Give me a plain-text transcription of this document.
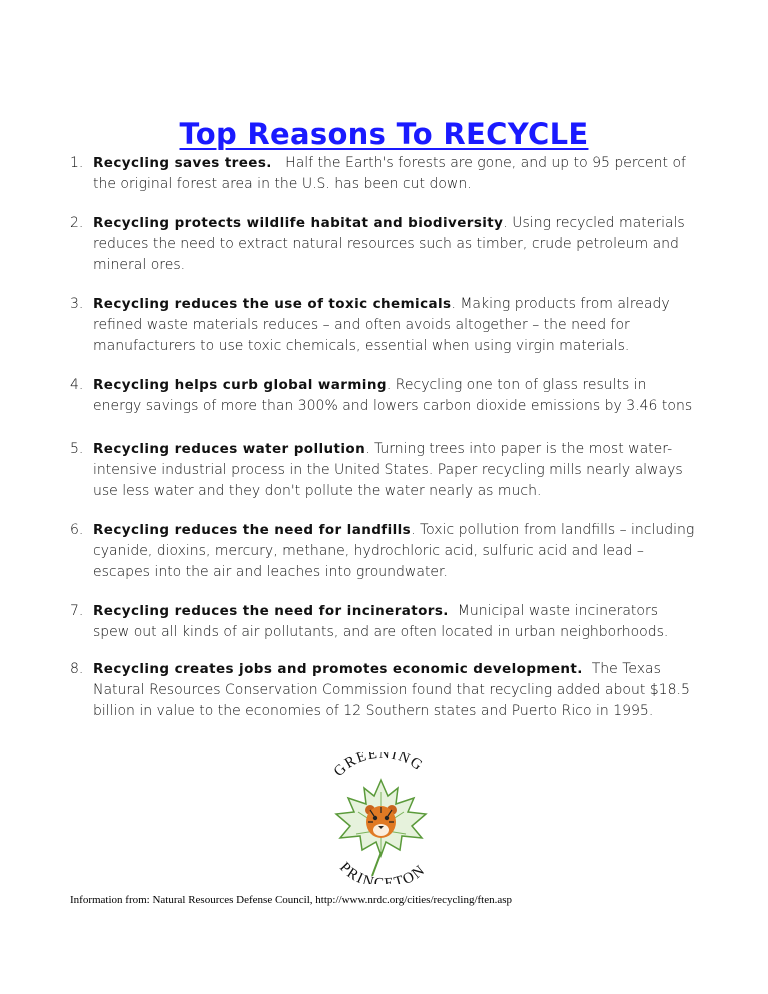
Top Reasons To RECYCLE
1. Recycling saves trees. Half the Earth's forests are gone, and up to 95 percent of the original forest area in the U.S. has been cut down.
2. Recycling protects wildlife habitat and biodiversity. Using recycled materials reduces the need to extract natural resources such as timber, crude petroleum and mineral ores.
3. Recycling reduces the use of toxic chemicals. Making products from already refined waste materials reduces – and often avoids altogether – the need for manufacturers to use toxic chemicals, essential when using virgin materials.
4. Recycling helps curb global warming. Recycling one ton of glass results in energy savings of more than 300% and lowers carbon dioxide emissions by 3.46 tons
5. Recycling reduces water pollution. Turning trees into paper is the most water-intensive industrial process in the United States. Paper recycling mills nearly always use less water and they don't pollute the water nearly as much.
6. Recycling reduces the need for landfills. Toxic pollution from landfills – including cyanide, dioxins, mercury, methane, hydrochloric acid, sulfuric acid and lead – escapes into the air and leaches into groundwater.
7. Recycling reduces the need for incinerators. Municipal waste incinerators spew out all kinds of air pollutants, and are often located in urban neighborhoods.
8. Recycling creates jobs and promotes economic development. The Texas Natural Resources Conservation Commission found that recycling added about $18.5 billion in value to the economies of 12 Southern states and Puerto Rico in 1995.
GREENING
PRINCETON
Information from: Natural Resources Defense Council, http://www.nrdc.org/cities/recycling/ften.asp
